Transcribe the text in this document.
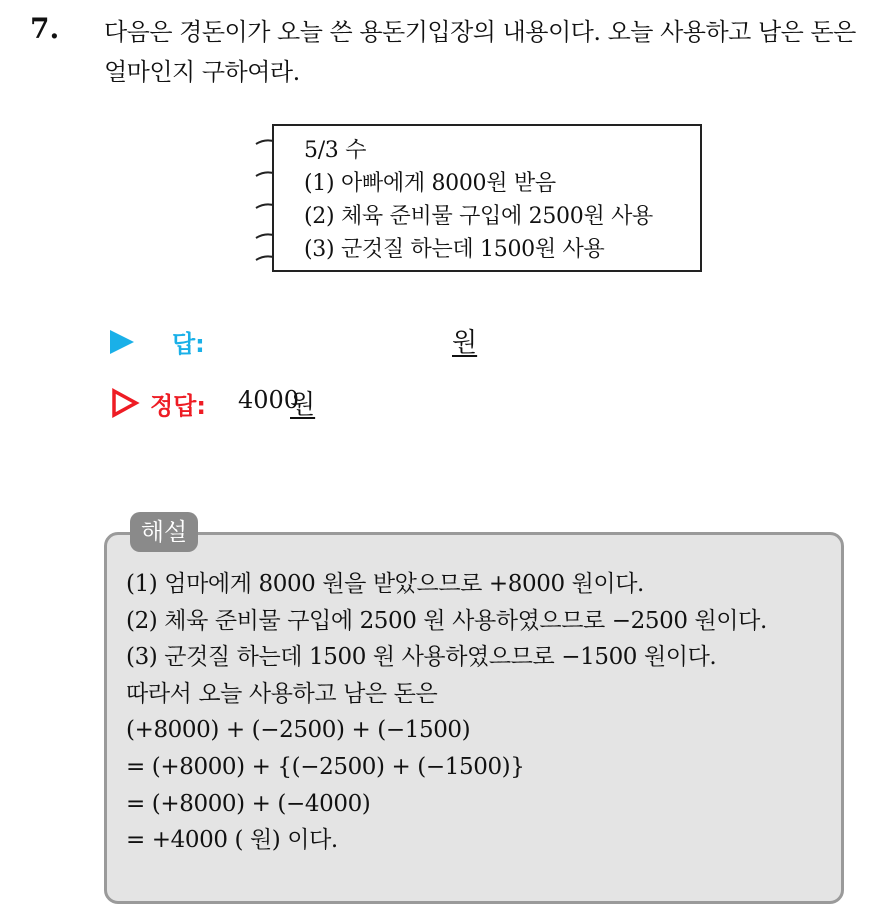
7. 다음은 경돈이가 오늘 쓴 용돈기입장의 내용이다. 오늘 사용하고 남은 돈은 얼마인지 구하여라.
5/3 수
(1) 아빠에게 8000원 받음
(2) 체육 준비물 구입에 2500원 사용
(3) 군것질 하는데 1500원 사용
답:	원
정답: 4000
원
해설
(1) 엄마에게 8000 원을 받았으므로 +8000 원이다.
(2) 체육 준비물 구입에 2500 원 사용하였으므로 −2500 원이다.
(3) 군것질 하는데 1500 원 사용하였으므로 −1500 원이다.
따라서 오늘 사용하고 남은 돈은
(+8000) + (−2500) + (−1500)
= (+8000) + {(−2500) + (−1500)}
= (+8000) + (−4000)
= +4000 ( 원) 이다.
